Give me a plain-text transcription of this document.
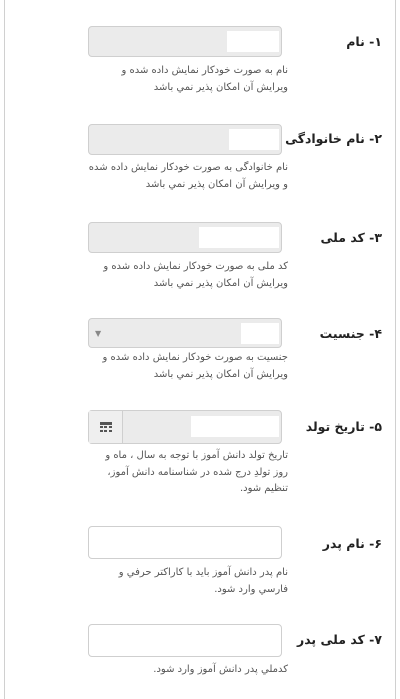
۱- نام
نام به صورت خودکار نمایش داده شده و ويرايش آن امکان پذير نمي باشد
۲- نام خانوادگی
نام خانوادگی به صورت خودکار نمایش داده شده و ويرايش آن امکان پذير نمي باشد
۳- کد ملی
کد ملی به صورت خودکار نمایش داده شده و ويرايش آن امکان پذير نمي باشد
۴- جنسیت
▼
جنسیت به صورت خودکار نمایش داده شده و ويرايش آن امکان پذير نمي باشد
۵- تاریخ تولد
تاریخ تولد دانش آموز با توجه به سال ، ماه و روز تولدِ درج شده در شناسنامه دانش آموز، تنظیم شود.
۶- نام پدر
نام پدر دانش آموز باید با کاراکتر حرفي و فارسي وارد شود.
۷- کد ملی پدر
کدملي پدر دانش آموز وارد شود.
